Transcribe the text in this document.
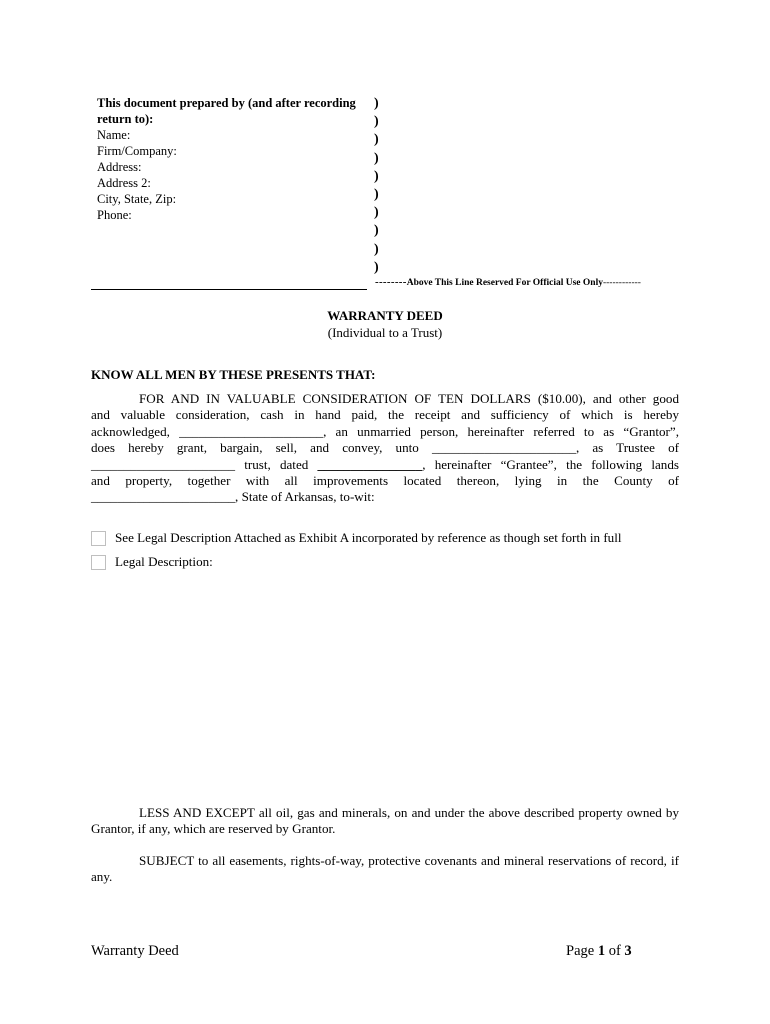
This document prepared by (and after recording
return to):
Name:
Firm/Company:
Address:
Address 2:
City, State, Zip:
Phone:
)
)
)
)
)
)
)
)
)
)
--------Above This Line Reserved For Official Use Only------------
WARRANTY DEED
(Individual to a Trust)
KNOW ALL MEN BY THESE PRESENTS THAT:
FOR AND IN VALUABLE CONSIDERATION OF TEN DOLLARS ($10.00), and other good
and valuable consideration, cash in hand paid, the receipt and sufficiency of which is hereby
acknowledged, ______________________, an unmarried person, hereinafter referred to as “Grantor”,
does hereby grant, bargain, sell, and convey, unto ______________________, as Trustee of
______________________ trust, dated ________________, hereinafter “Grantee”, the following lands
and property, together with all improvements located thereon, lying in the County of
______________________, State of Arkansas, to-wit:
See Legal Description Attached as Exhibit A incorporated by reference as though set forth in full
Legal Description:
LESS AND EXCEPT all oil, gas and minerals, on and under the above described property owned by Grantor, if any, which are reserved by Grantor.
SUBJECT to all easements, rights-of-way, protective covenants and mineral reservations of record, if any.
Warranty Deed	Page 1 of 3
